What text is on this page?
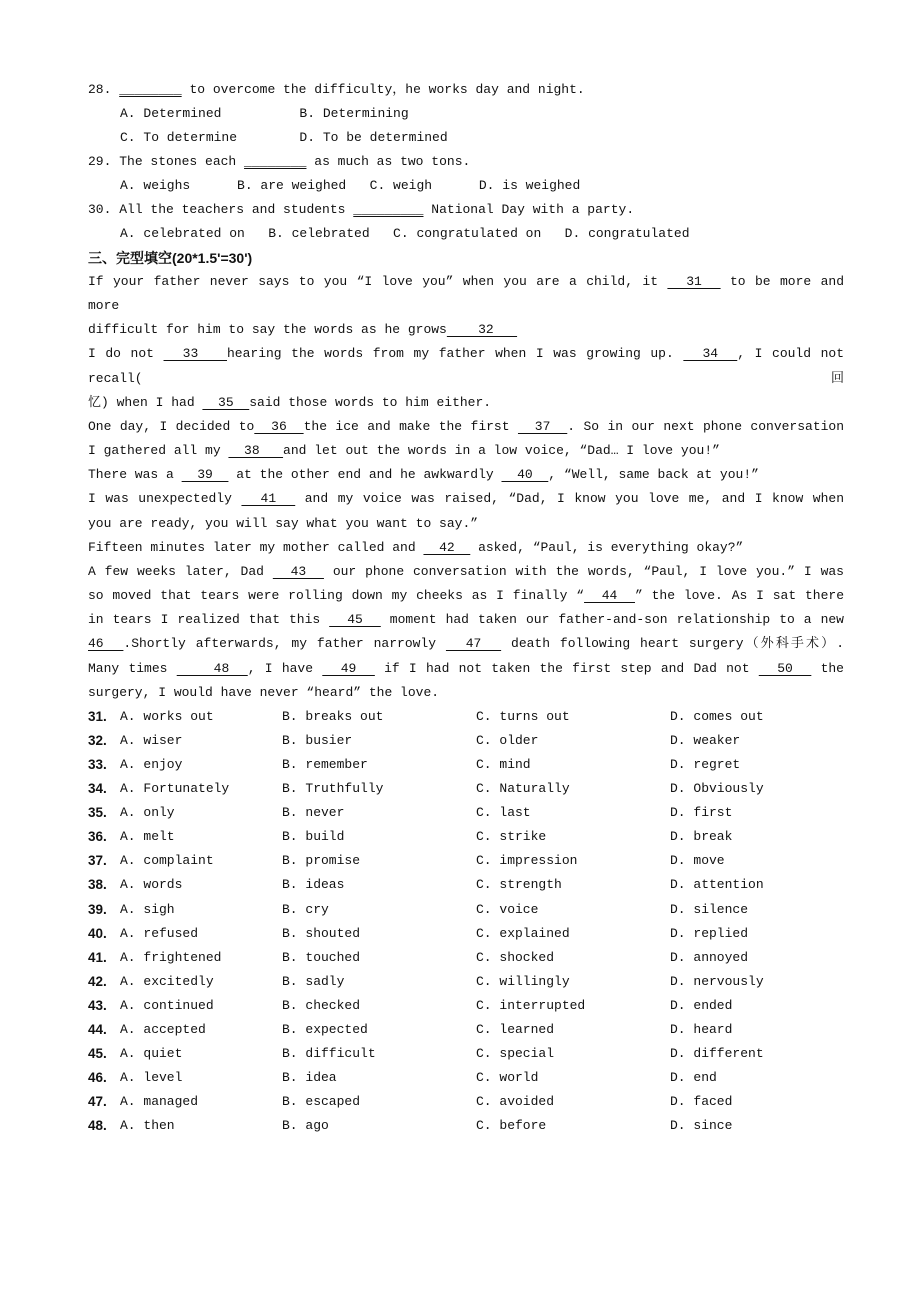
28. ________ to overcome the difficulty，he works day and night.
A. Determined          B. Determining
C. To determine        D. To be determined
29. The stones each ________ as much as two tons.
A. weighs      B. are weighed   C. weigh      D. is weighed
30. All the teachers and students _________ National Day with a party.
A. celebrated on   B. celebrated   C. congratulated on   D. congratulated
三、完型填空(20*1.5'=30')
If your father never says to you “I love you” when you are a child, it   31   to be more and more
difficult for him to say the words as he grows    32
I do not   33   hearing the words from my father when I was growing up.   34  , I could not recall(回
忆) when I had   35  said those words to him either.
One day, I decided to  36  the ice and make the first   37  . So in our next phone conversation
I gathered all my   38   and let out the words in a low voice, “Dad… I love you!”
There was a   39   at the other end and he awkwardly   40  , “Well, same back at you!”
I was unexpectedly   41   and my voice was raised, “Dad, I know you love me, and I know when
you are ready, you will say what you want to say.”
Fifteen minutes later my mother called and   42   asked, “Paul, is everything okay?”
A few weeks later, Dad   43   our phone conversation with the words, “Paul, I love you.” I was
so moved that tears were rolling down my cheeks as I finally “  44  ” the love. As I sat there
in tears I realized that this   45   moment had taken our father-and-son relationship to a new
46  .Shortly afterwards, my father narrowly   47   death following heart surgery（外科手术）.
Many times     48  , I have   49   if I had not taken the first step and Dad not   50   the
surgery, I would have never “heard” the love.
31.	A. works out	B. breaks out	C. turns out	D. comes out
32.	A. wiser	B. busier	C. older	D. weaker
33.	A. enjoy	B. remember	C. mind	D. regret
34.	A. Fortunately	B. Truthfully	C. Naturally	D. Obviously
35.	A. only	B. never	C. last	D. first
36.	A. melt	B. build	C. strike	D. break
37.	A. complaint	B. promise	C. impression	D. move
38.	A. words	B. ideas	C. strength	D. attention
39.	A. sigh	B. cry	C. voice	D. silence
40.	A. refused	B. shouted	C. explained	D. replied
41.	A. frightened	B. touched	C. shocked	D. annoyed
42.	A. excitedly	B. sadly	C. willingly	D. nervously
43.	A. continued	B. checked	C. interrupted	D. ended
44.	A. accepted	B. expected	C. learned	D. heard
45.	A. quiet	B. difficult	C. special	D. different
46.	A. level	B. idea	C. world	D. end
47.	A. managed	B. escaped	C. avoided	D. faced
48.	A. then	B. ago	C. before	D. since
